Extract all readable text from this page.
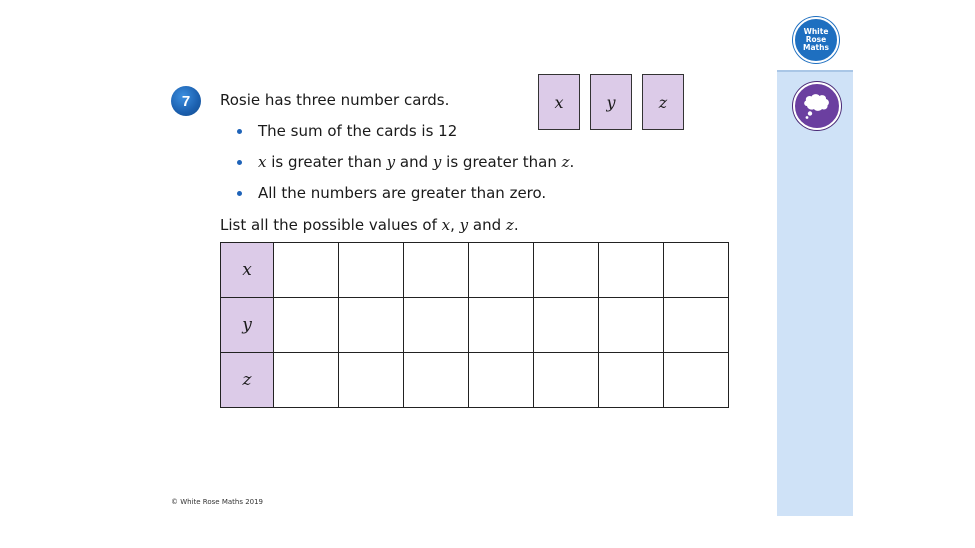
White
Rose
Maths
7	Rosie has three number cards.	x	y	z
The sum of the cards is 12
x is greater than y and y is greater than z.
All the numbers are greater than zero.
List all the possible values of x, y and z.
x							
y							
z							
© White Rose Maths 2019
